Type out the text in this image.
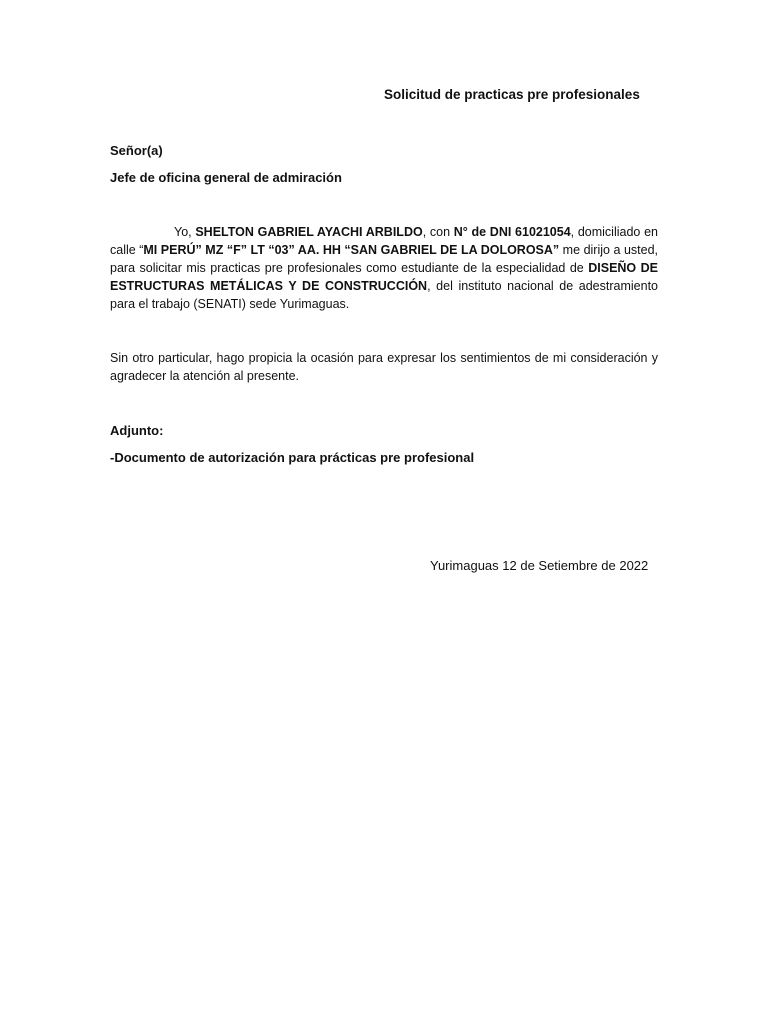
Solicitud de practicas pre profesionales
Señor(a)
Jefe de oficina general de admiración

Yo, SHELTON GABRIEL AYACHI ARBILDO, con N° de DNI 61021054, domiciliado en calle “MI PERÚ” MZ “F” LT “03” AA. HH “SAN GABRIEL DE LA DOLOROSA” me dirijo a usted, para solicitar mis practicas pre profesionales como estudiante de la especialidad de DISEÑO DE ESTRUCTURAS METÁLICAS Y DE CONSTRUCCIÓN, del instituto nacional de adestramiento para el trabajo (SENATI) sede Yurimaguas.

Sin otro particular, hago propicia la ocasión para expresar los sentimientos de mi consideración y agradecer la atención al presente.

Adjunto:
-Documento de autorización para prácticas pre profesional
Yurimaguas 12 de Setiembre de 2022
